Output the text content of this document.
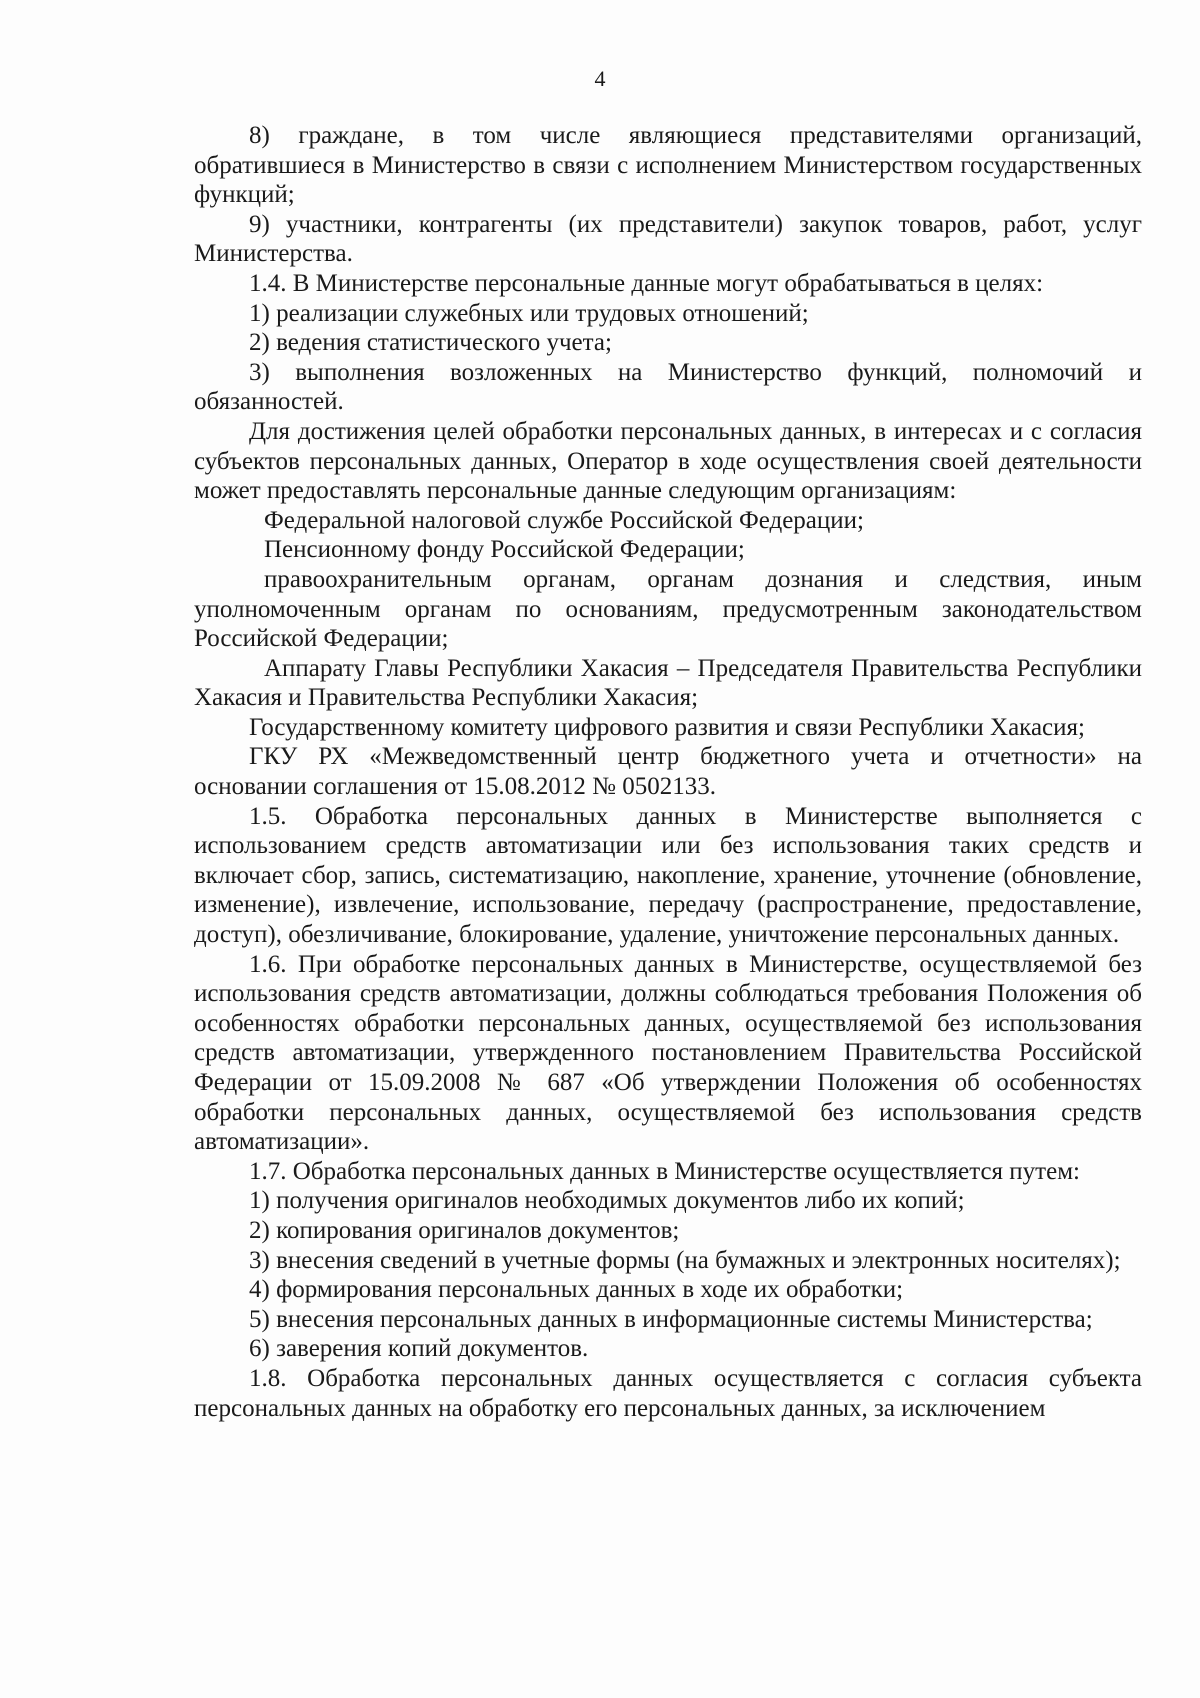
4

8) граждане, в том числе являющиеся представителями организаций, обратившиеся в Министерство в связи с исполнением Министерством государственных функций;

9) участники, контрагенты (их представители) закупок товаров, работ, услуг Министерства.

1.4. В Министерстве персональные данные могут обрабатываться в целях:

1) реализации служебных или трудовых отношений;

2) ведения статистического учета;

3) выполнения возложенных на Министерство функций, полномочий и обязанностей.

Для достижения целей обработки персональных данных, в интересах и с согласия субъектов персональных данных, Оператор в ходе осуществления своей деятельности может предоставлять персональные данные следующим организациям:

Федеральной налоговой службе Российской Федерации;

Пенсионному фонду Российской Федерации;

правоохранительным органам, органам дознания и следствия, иным уполномоченным органам по основаниям, предусмотренным законодательством Российской Федерации;

Аппарату Главы Республики Хакасия – Председателя Правительства Республики Хакасия и Правительства Республики Хакасия;

Государственному комитету цифрового развития и связи Республики Хакасия;

ГКУ РХ «Межведомственный центр бюджетного учета и отчетности» на основании соглашения от 15.08.2012 № 0502133.

1.5. Обработка персональных данных в Министерстве выполняется с использованием средств автоматизации или без использования таких средств и включает сбор, запись, систематизацию, накопление, хранение, уточнение (обновление, изменение), извлечение, использование, передачу (распространение, предоставление, доступ), обезличивание, блокирование, удаление, уничтожение персональных данных.

1.6. При обработке персональных данных в Министерстве, осуществляемой без использования средств автоматизации, должны соблюдаться требования Положения об особенностях обработки персональных данных, осуществляемой без использования средств автоматизации, утвержденного постановлением Правительства Российской Федерации от 15.09.2008 № 687 «Об утверждении Положения об особенностях обработки персональных данных, осуществляемой без использования средств автоматизации».

1.7. Обработка персональных данных в Министерстве осуществляется путем:

1) получения оригиналов необходимых документов либо их копий;

2) копирования оригиналов документов;

3) внесения сведений в учетные формы (на бумажных и электронных носителях);

4) формирования персональных данных в ходе их обработки;

5) внесения персональных данных в информационные системы Министерства;

6) заверения копий документов.

1.8. Обработка персональных данных осуществляется с согласия субъекта персональных данных на обработку его персональных данных, за исключением
